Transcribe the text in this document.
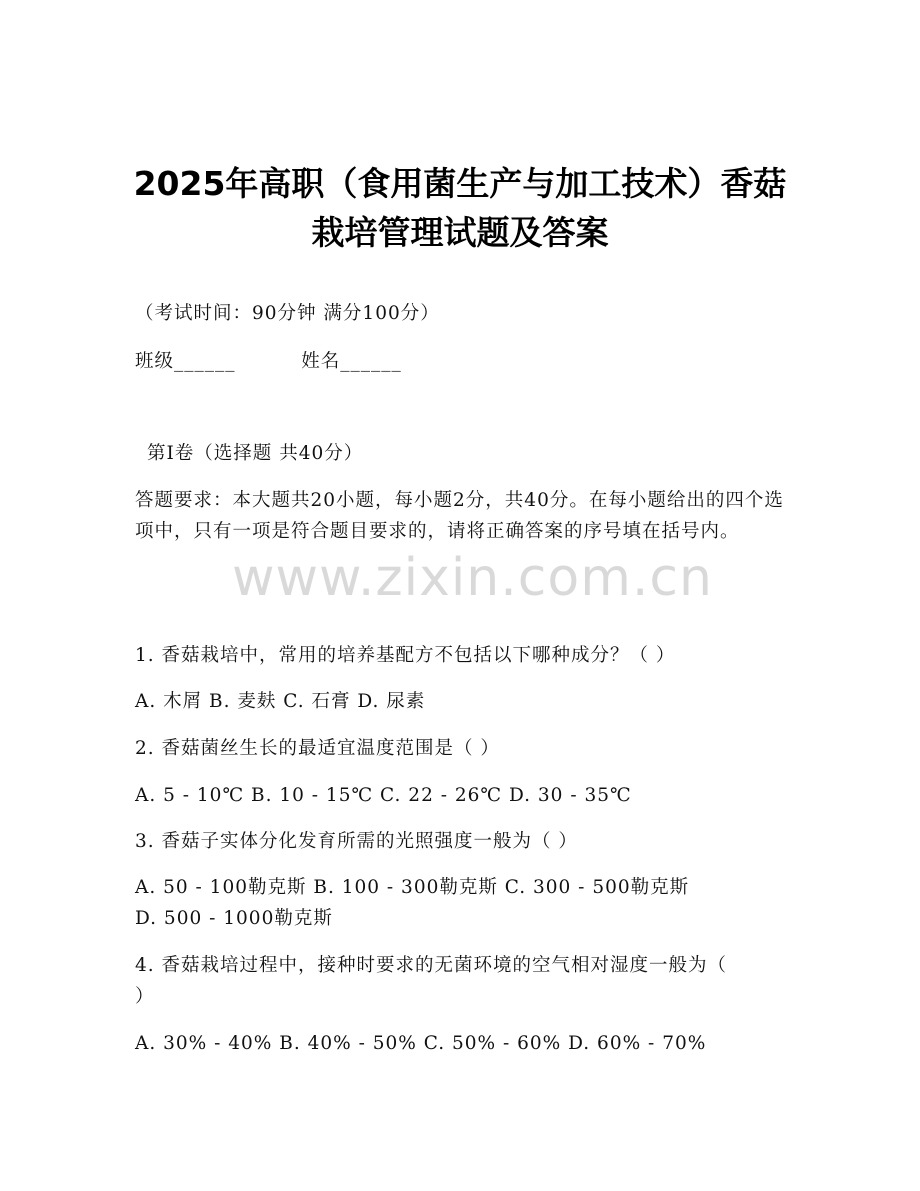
2025年高职（食用菌生产与加工技术）香菇
栽培管理试题及答案
（考试时间：90分钟 满分100分）
班级______	姓名______
第I卷（选择题 共40分）
答题要求：本大题共20小题，每小题2分，共40分。在每小题给出的四个选项中，只有一项是符合题目要求的，请将正确答案的序号填在括号内。
www.zixin.com.cn
1. 香菇栽培中，常用的培养基配方不包括以下哪种成分？（ ）
A. 木屑 B. 麦麸 C. 石膏 D. 尿素
2. 香菇菌丝生长的最适宜温度范围是（ ）
A. 5 - 10℃ B. 10 - 15℃ C. 22 - 26℃ D. 30 - 35℃
3. 香菇子实体分化发育所需的光照强度一般为（ ）
A. 50 - 100勒克斯 B. 100 - 300勒克斯 C. 300 - 500勒克斯
D. 500 - 1000勒克斯
4. 香菇栽培过程中，接种时要求的无菌环境的空气相对湿度一般为（
）
A. 30% - 40% B. 40% - 50% C. 50% - 60% D. 60% - 70%
